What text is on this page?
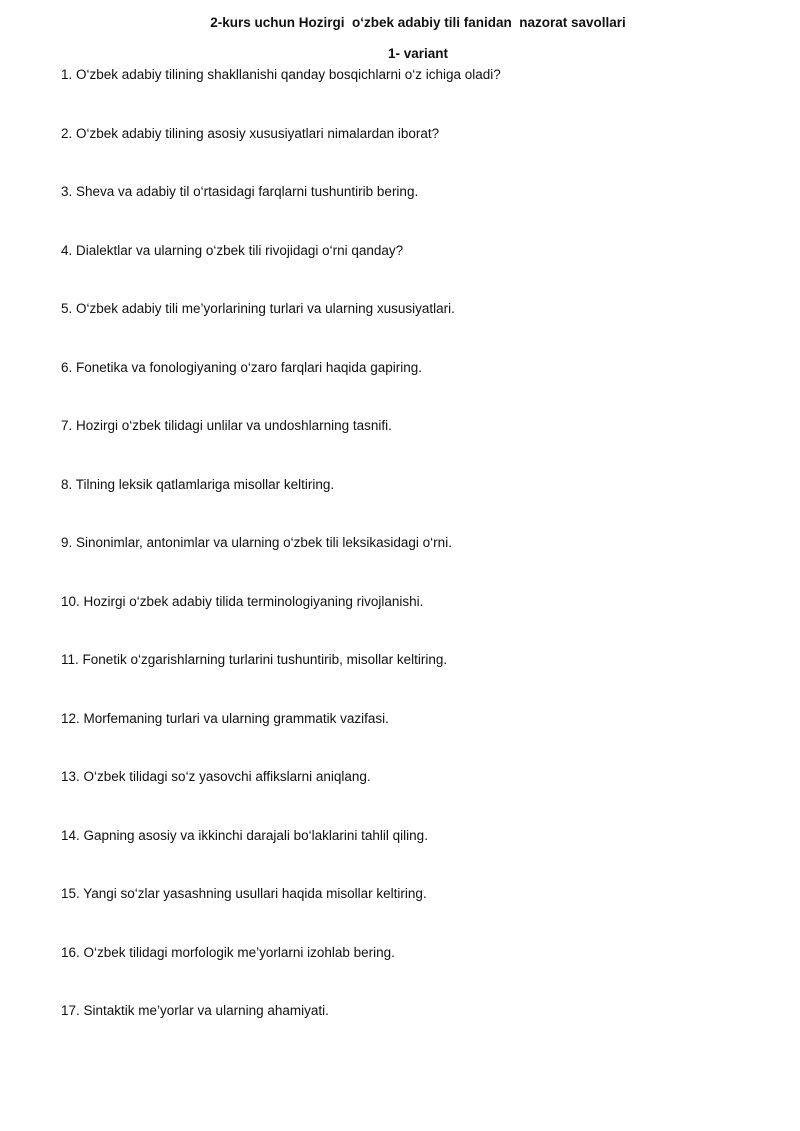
2-kurs uchun Hozirgi  o‘zbek adabiy tili fanidan  nazorat savollari
1- variant
1. O‘zbek adabiy tilining shakllanishi qanday bosqichlarni o‘z ichiga oladi?
2. O‘zbek adabiy tilining asosiy xususiyatlari nimalardan iborat?
3. Sheva va adabiy til o‘rtasidagi farqlarni tushuntirib bering.
4. Dialektlar va ularning o‘zbek tili rivojidagi o‘rni qanday?
5. O‘zbek adabiy tili me’yorlarining turlari va ularning xususiyatlari.
6. Fonetika va fonologiyaning o‘zaro farqlari haqida gapiring.
7. Hozirgi o‘zbek tilidagi unlilar va undoshlarning tasnifi.
8. Tilning leksik qatlamlariga misollar keltiring.
9. Sinonimlar, antonimlar va ularning o‘zbek tili leksikasidagi o‘rni.
10. Hozirgi o‘zbek adabiy tilida terminologiyaning rivojlanishi.
11. Fonetik o‘zgarishlarning turlarini tushuntirib, misollar keltiring.
12. Morfemaning turlari va ularning grammatik vazifasi.
13. O‘zbek tilidagi so‘z yasovchi affikslarni aniqlang.
14. Gapning asosiy va ikkinchi darajali bo‘laklarini tahlil qiling.
15. Yangi so‘zlar yasashning usullari haqida misollar keltiring.
16. O‘zbek tilidagi morfologik me’yorlarni izohlab bering.
17. Sintaktik me’yorlar va ularning ahamiyati.
